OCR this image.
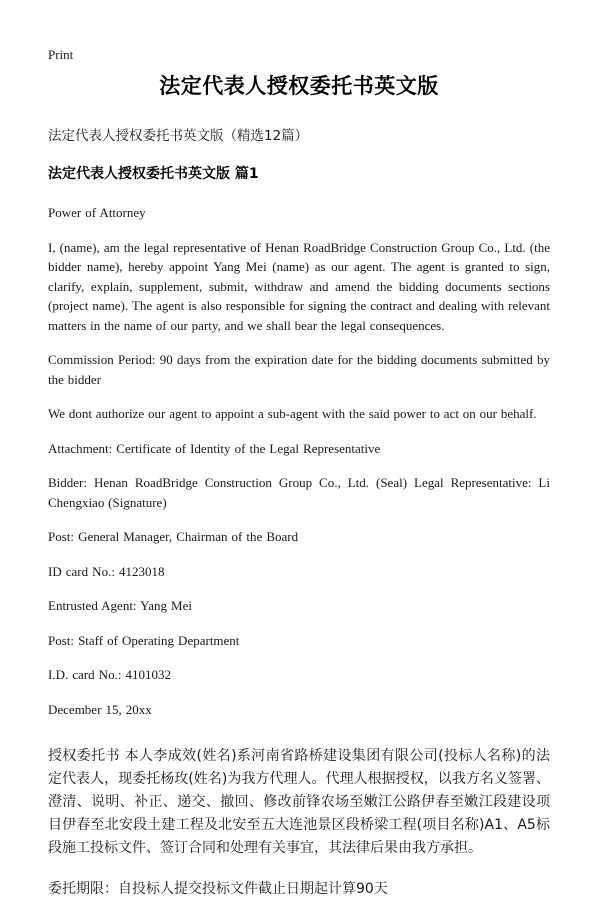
Print
法定代表人授权委托书英文版
法定代表人授权委托书英文版（精选12篇）
法定代表人授权委托书英文版 篇1

Power of Attorney

I, (name), am the legal representative of Henan RoadBridge Construction Group Co., Ltd. (the bidder name), hereby appoint Yang Mei (name) as our agent. The agent is granted to sign, clarify, explain, supplement, submit, withdraw and amend the bidding documents sections (project name). The agent is also responsible for signing the contract and dealing with relevant matters in the name of our party, and we shall bear the legal consequences.

Commission Period: 90 days from the expiration date for the bidding documents submitted by the bidder

We dont authorize our agent to appoint a sub-agent with the said power to act on our behalf.

Attachment: Certificate of Identity of the Legal Representative

Bidder: Henan RoadBridge Construction Group Co., Ltd. (Seal) Legal Representative: Li Chengxiao (Signature)

Post: General Manager, Chairman of the Board

ID card No.: 4123018

Entrusted Agent: Yang Mei

Post: Staff of Operating Department

I.D. card No.: 4101032

December 15, 20xx

授权委托书 本人李成效(姓名)系河南省路桥建设集团有限公司(投标人名称)的法定代表人，现委托杨玫(姓名)为我方代理人。代理人根据授权，以我方名义签署、澄清、说明、补正、递交、撤回、修改前锋农场至嫩江公路伊春至嫩江段建设项目伊春至北安段土建工程及北安至五大连池景区段桥梁工程(项目名称)A1、A5标段施工投标文件、签订合同和处理有关事宜，其法律后果由我方承担。

委托期限：自投标人提交投标文件截止日期起计算90天
